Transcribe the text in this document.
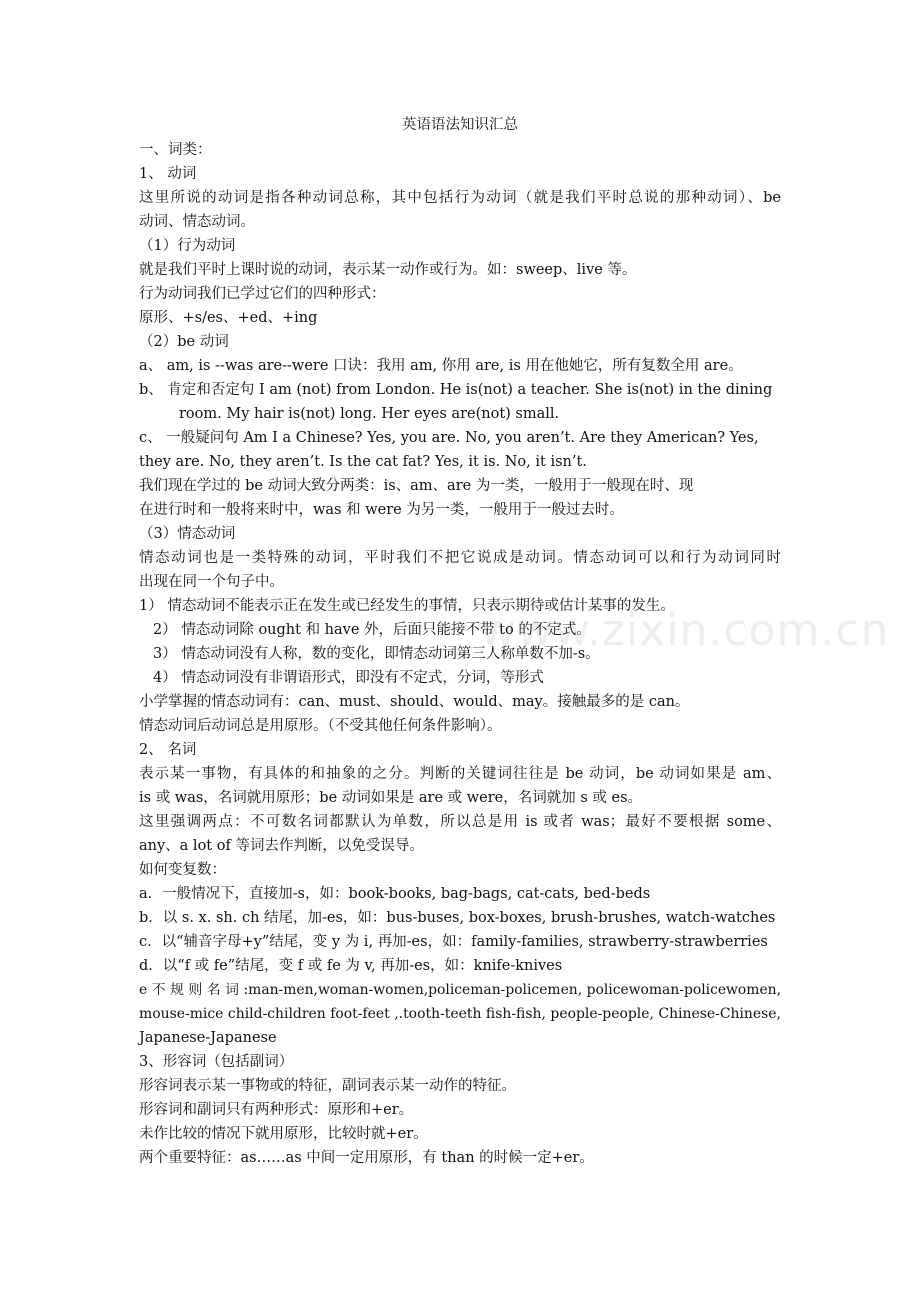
www.zixin.com.cn
英语语法知识汇总
一、词类：
1、 动词
这里所说的动词是指各种动词总称，其中包括行为动词（就是我们平时总说的那种动词）、be
动词、情态动词。
（1）行为动词
就是我们平时上课时说的动词，表示某一动作或行为。如：sweep、live 等。
行为动词我们已学过它们的四种形式：
原形、+s/es、+ed、+ing
（2）be 动词
a、 am, is --was are--were 口诀：我用 am, 你用 are, is 用在他她它，所有复数全用 are。
b、 肯定和否定句 I am (not) from London. He is(not) a teacher. She is(not) in the dining
room. My hair is(not) long. Her eyes are(not) small.
c、 一般疑问句 Am I a Chinese? Yes, you are. No, you aren’t. Are they American? Yes,
they are. No, they aren’t. Is the cat fat? Yes, it is. No, it isn’t.
我们现在学过的 be 动词大致分两类：is、am、are 为一类，一般用于一般现在时、现
在进行时和一般将来时中，was 和 were 为另一类，一般用于一般过去时。
（3）情态动词
情态动词也是一类特殊的动词，平时我们不把它说成是动词。情态动词可以和行为动词同时
出现在同一个句子中。
1） 情态动词不能表示正在发生或已经发生的事情，只表示期待或估计某事的发生。
2） 情态动词除 ought 和 have 外，后面只能接不带 to 的不定式。
3） 情态动词没有人称，数的变化，即情态动词第三人称单数不加-s。
4） 情态动词没有非谓语形式，即没有不定式，分词，等形式
小学掌握的情态动词有：can、must、should、would、may。接触最多的是 can。
情态动词后动词总是用原形。（不受其他任何条件影响）。
2、 名词
表示某一事物，有具体的和抽象的之分。判断的关键词往往是 be 动词，be 动词如果是 am、
is 或 was，名词就用原形；be 动词如果是 are 或 were，名词就加 s 或 es。
这里强调两点：不可数名词都默认为单数，所以总是用 is 或者 was；最好不要根据 some、
any、a lot of 等词去作判断，以免受误导。
如何变复数：
a．一般情况下，直接加-s，如：book-books, bag-bags, cat-cats, bed-beds
b．以 s. x. sh. ch 结尾，加-es，如：bus-buses, box-boxes, brush-brushes, watch-watches
c．以“辅音字母+y”结尾，变 y 为 i, 再加-es，如：family-families, strawberry-strawberries
d．以“f 或 fe”结尾，变 f 或 fe 为 v, 再加-es，如：knife-knives
e 不 规 则 名 词 :man-men,woman-women,policeman-policemen, policewoman-policewomen,
mouse-mice child-children foot-feet ,.tooth-teeth fish-fish, people-people, Chinese-Chinese,
Japanese-Japanese
3、形容词（包括副词）
形容词表示某一事物或的特征，副词表示某一动作的特征。
形容词和副词只有两种形式：原形和+er。
未作比较的情况下就用原形，比较时就+er。
两个重要特征：as……as 中间一定用原形，有 than 的时候一定+er。
